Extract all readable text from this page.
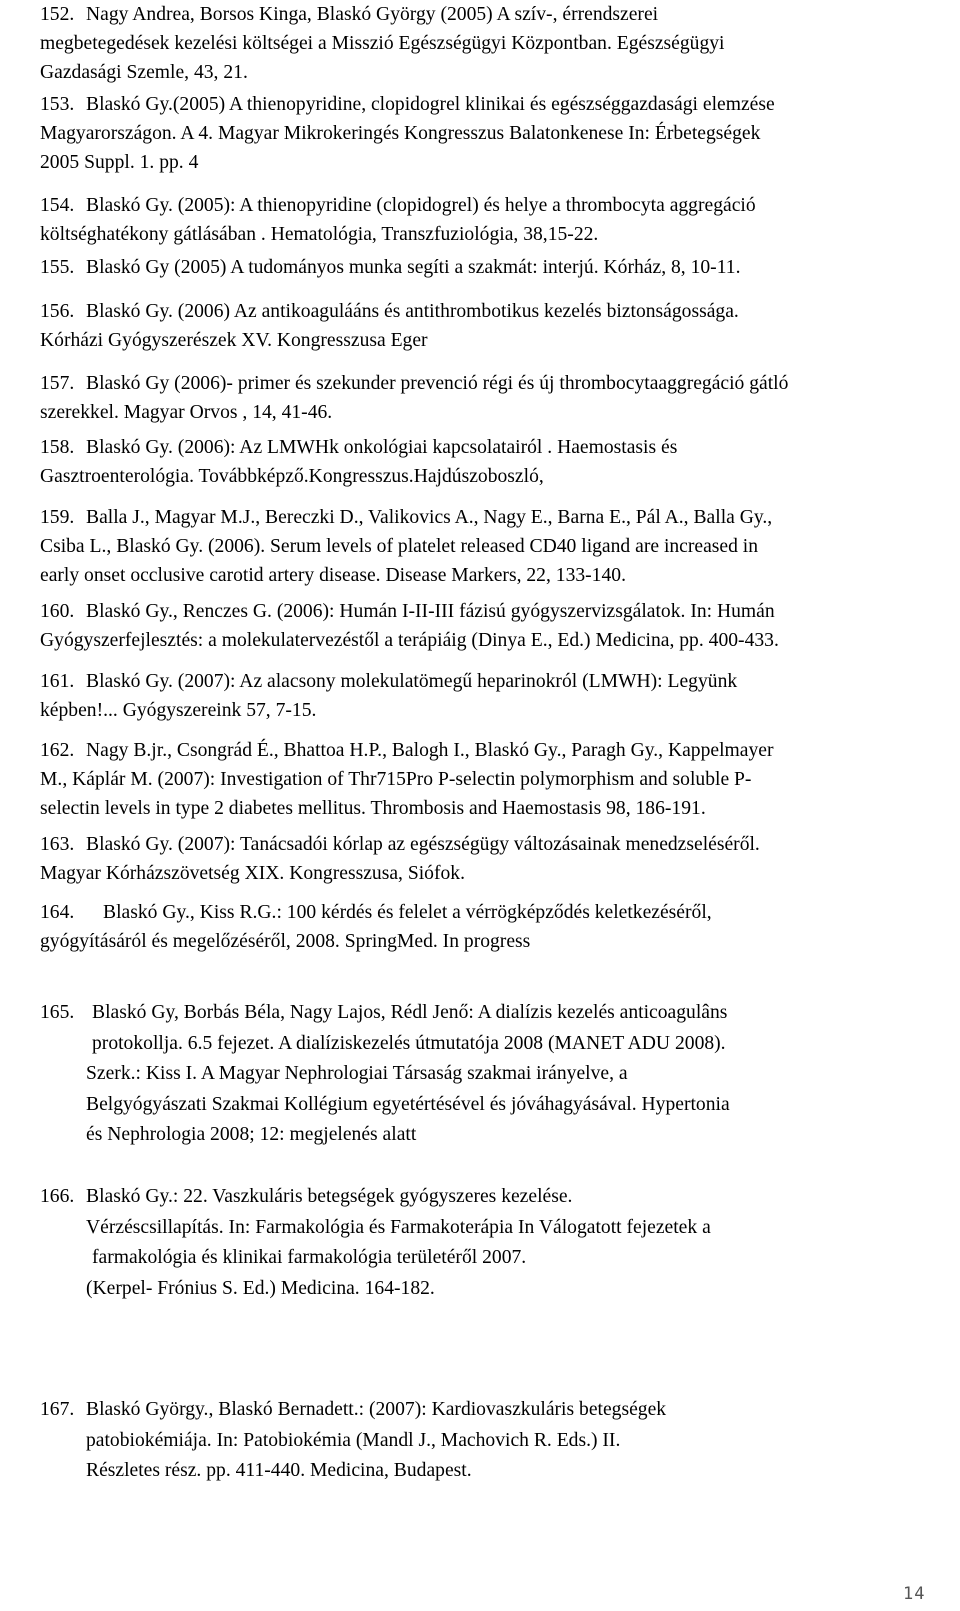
152. Nagy Andrea, Borsos Kinga, Blaskó György (2005) A szív-, érrendszerei
megbetegedések kezelési költségei a Misszió Egészségügyi Központban. Egészségügyi
Gazdasági Szemle, 43, 21.
153. Blaskó Gy.(2005) A thienopyridine, clopidogrel klinikai és egészséggazdasági elemzése
Magyarországon. A 4. Magyar Mikrokeringés Kongresszus Balatonkenese In: Érbetegségek
2005 Suppl. 1. pp. 4
154. Blaskó Gy. (2005): A thienopyridine (clopidogrel) és helye a thrombocyta aggregáció
költséghatékony gátlásában . Hematológia, Transzfuziológia, 38,15-22.
155. Blaskó Gy (2005) A tudományos munka segíti a szakmát: interjú. Kórház, 8, 10-11.
156. Blaskó Gy. (2006) Az antikoagulááns és antithrombotikus kezelés biztonságossága.
Kórházi Gyógyszerészek XV. Kongresszusa Eger
157. Blaskó Gy (2006)- primer és szekunder prevenció régi és új thrombocytaaggregáció gátló
szerekkel. Magyar Orvos , 14, 41-46.
158. Blaskó Gy. (2006): Az LMWHk onkológiai kapcsolatairól . Haemostasis és
Gasztroenterológia. Továbbképző.Kongresszus.Hajdúszoboszló,
159. Balla J., Magyar M.J., Bereczki D., Valikovics A., Nagy E., Barna E., Pál A., Balla Gy.,
Csiba L., Blaskó Gy. (2006). Serum levels of platelet released CD40 ligand are increased in
early onset occlusive carotid artery disease. Disease Markers, 22, 133-140.
160. Blaskó Gy., Renczes G. (2006): Humán I-II-III fázisú gyógyszervizsgálatok. In: Humán
Gyógyszerfejlesztés: a molekulatervezéstől a terápiáig (Dinya E., Ed.) Medicina, pp. 400-433.
161. Blaskó Gy. (2007): Az alacsony molekulatömegű heparinokról (LMWH): Legyünk
képben!... Gyógyszereink 57, 7-15.
162. Nagy B.jr., Csongrád É., Bhattoa H.P., Balogh I., Blaskó Gy., Paragh Gy., Kappelmayer
M., Káplár M. (2007): Investigation of Thr715Pro P-selectin polymorphism and soluble P-
selectin levels in type 2 diabetes mellitus. Thrombosis and Haemostasis 98, 186-191.
163. Blaskó Gy. (2007): Tanácsadói kórlap az egészségügy változásainak menedzseléséről.
Magyar Kórházszövetség XIX. Kongresszusa, Siófok.
164. Blaskó Gy., Kiss R.G.: 100 kérdés és felelet a vérrögképződés keletkezéséről,
gyógyításáról és megelőzéséről, 2008. SpringMed. In progress
165. Blaskó Gy, Borbás Béla, Nagy Lajos, Rédl Jenő: A dialízis kezelés anticoagulâns
protokollja. 6.5 fejezet. A dialíziskezelés útmutatója 2008 (MANET ADU 2008).
Szerk.: Kiss I. A Magyar Nephrologiai Társaság szakmai irányelve, a
Belgyógyászati Szakmai Kollégium egyetértésével és jóváhagyásával. Hypertonia
és Nephrologia 2008; 12: megjelenés alatt
166. Blaskó Gy.: 22. Vaszkuláris betegségek gyógyszeres kezelése.
Vérzéscsillapítás. In: Farmakológia és Farmakoterápia In Válogatott fejezetek a
farmakológia és klinikai farmakológia területéről 2007.
(Kerpel- Frónius S. Ed.) Medicina. 164-182.
167. Blaskó György., Blaskó Bernadett.: (2007): Kardiovaszkuláris betegségek
patobiokémiája. In: Patobiokémia (Mandl J., Machovich R. Eds.) II.
Részletes rész. pp. 411-440. Medicina, Budapest.
14
